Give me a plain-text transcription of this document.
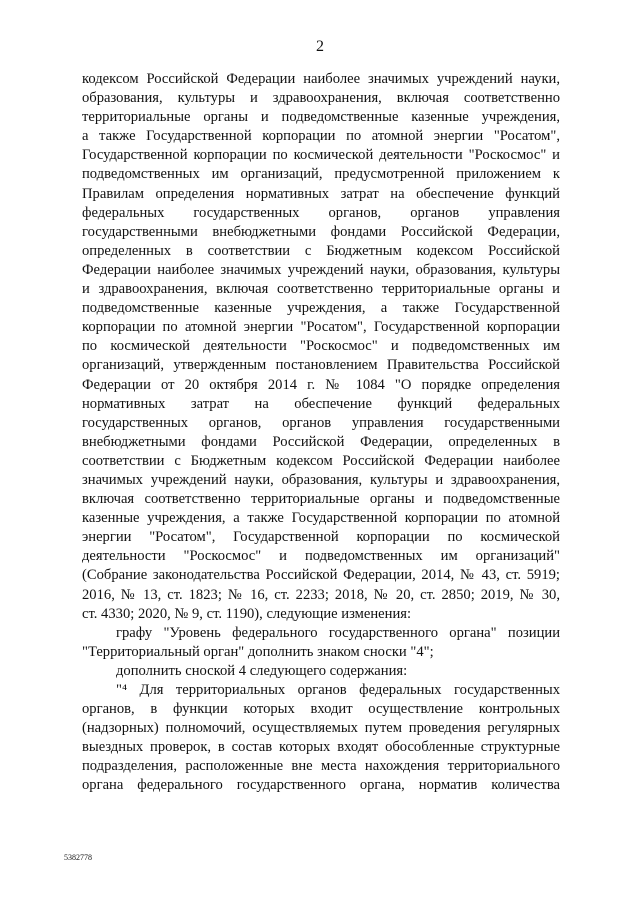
2
кодексом Российской Федерации наиболее значимых учреждений науки,
образования, культуры и здравоохранения, включая соответственно
территориальные органы и подведомственные казенные учреждения,
а также Государственной корпорации по атомной энергии "Росатом",
Государственной корпорации по космической деятельности "Роскосмос" и
подведомственных им организаций, предусмотренной приложением к
Правилам определения нормативных затрат на обеспечение функций
федеральных государственных органов, органов управления
государственными внебюджетными фондами Российской Федерации,
определенных в соответствии с Бюджетным кодексом Российской
Федерации наиболее значимых учреждений науки, образования, культуры
и здравоохранения, включая соответственно территориальные органы и
подведомственные казенные учреждения, а также Государственной
корпорации по атомной энергии "Росатом", Государственной корпорации
по космической деятельности "Роскосмос" и подведомственных им
организаций, утвержденным постановлением Правительства Российской
Федерации от 20 октября 2014 г. № 1084 "О порядке определения
нормативных затрат на обеспечение функций федеральных
государственных органов, органов управления государственными
внебюджетными фондами Российской Федерации, определенных в
соответствии с Бюджетным кодексом Российской Федерации наиболее
значимых учреждений науки, образования, культуры и здравоохранения,
включая соответственно территориальные органы и подведомственные
казенные учреждения, а также Государственной корпорации по атомной
энергии "Росатом", Государственной корпорации по космической
деятельности "Роскосмос" и подведомственных им организаций"
(Собрание законодательства Российской Федерации, 2014, № 43, ст. 5919;
2016, № 13, ст. 1823; № 16, ст. 2233; 2018, № 20, ст. 2850; 2019, № 30,
ст. 4330; 2020, № 9, ст. 1190), следующие изменения:
графу "Уровень федерального государственного органа" позиции
"Территориальный орган" дополнить знаком сноски "4";
дополнить сноской 4 следующего содержания:
"⁴ Для территориальных органов федеральных государственных
органов, в функции которых входит осуществление контрольных
(надзорных) полномочий, осуществляемых путем проведения регулярных
выездных проверок, в состав которых входят обособленные структурные
подразделения, расположенные вне места нахождения территориального
органа федерального государственного органа, норматив количества
5382778
